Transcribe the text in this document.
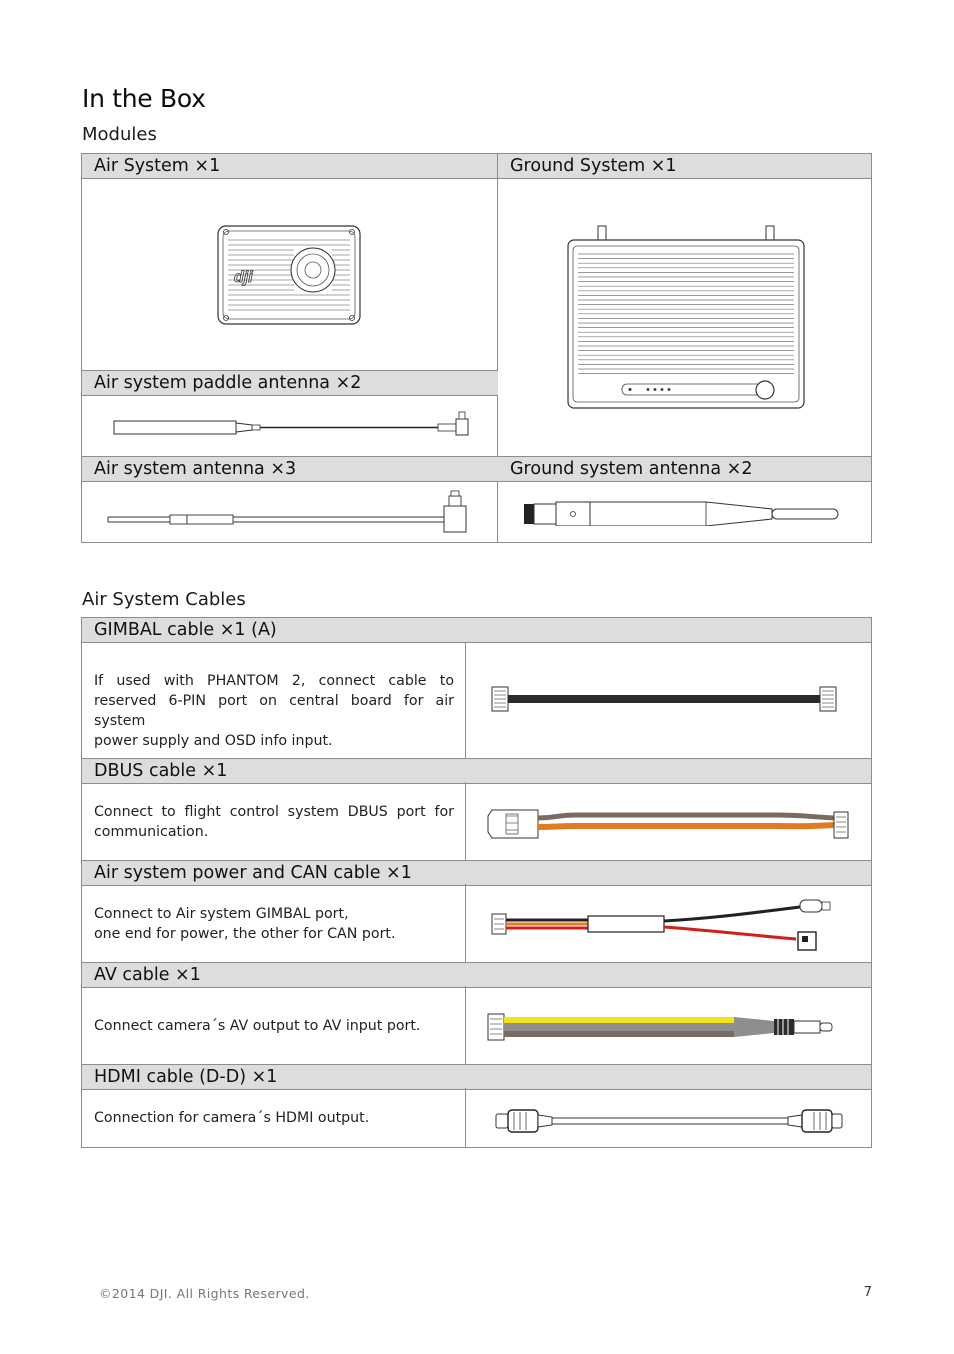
In the Box
Modules
Air System ×1	Ground System ×1
Air system paddle antenna ×2
Air system antenna ×3	Ground system antenna ×2
dji
Air System Cables
GIMBAL cable ×1 (A)
If used with PHANTOM 2, connect cable to
reserved 6-PIN port on central board for air system
power supply and OSD info input.
DBUS cable ×1
Connect to flight control system DBUS port for
communication.
Air system power and CAN cable ×1
Connect to Air system GIMBAL port,
one end for power, the other for CAN port.
AV cable ×1
Connect camera´s AV output to AV input port.
HDMI cable (D-D) ×1
Connection for camera´s HDMI output.
©2014 DJI. All Rights Reserved.	7
